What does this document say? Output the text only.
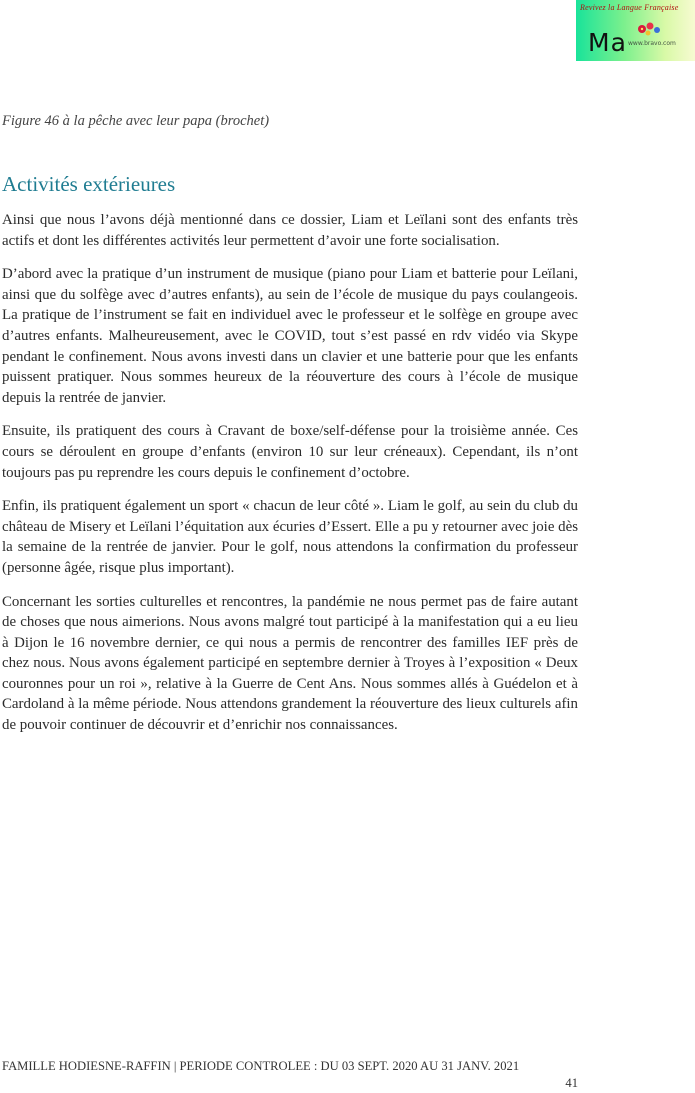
Revivez la Langue Française
Ma www.bravo.com

Figure 46 à la pêche avec leur papa (brochet)

Activités extérieures

Ainsi que nous l’avons déjà mentionné dans ce dossier, Liam et Leïlani sont des enfants très actifs et dont les différentes activités leur permettent d’avoir une forte socialisation.

D’abord avec la pratique d’un instrument de musique (piano pour Liam et batterie pour Leïlani, ainsi que du solfège avec d’autres enfants), au sein de l’école de musique du pays coulangeois. La pratique de l’instrument se fait en individuel avec le professeur et le solfège en groupe avec d’autres enfants. Malheureusement, avec le COVID, tout s’est passé en rdv vidéo via Skype pendant le confinement. Nous avons investi dans un clavier et une batterie pour que les enfants puissent pratiquer. Nous sommes heureux de la réouverture des cours à l’école de musique depuis la rentrée de janvier.

Ensuite, ils pratiquent des cours à Cravant de boxe/self-défense pour la troisième année. Ces cours se déroulent en groupe d’enfants (environ 10 sur leur créneaux). Cependant, ils n’ont toujours pas pu reprendre les cours depuis le confinement d’octobre.

Enfin, ils pratiquent également un sport « chacun de leur côté ». Liam le golf, au sein du club du château de Misery et Leïlani l’équitation aux écuries d’Essert. Elle a pu y retourner avec joie dès la semaine de la rentrée de janvier. Pour le golf, nous attendons la confirmation du professeur (personne âgée, risque plus important).

Concernant les sorties culturelles et rencontres, la pandémie ne nous permet pas de faire autant de choses que nous aimerions. Nous avons malgré tout participé à la manifestation qui a eu lieu à Dijon le 16 novembre dernier, ce qui nous a permis de rencontrer des familles IEF près de chez nous. Nous avons également participé en septembre dernier à Troyes à l’exposition « Deux couronnes pour un roi », relative à la Guerre de Cent Ans. Nous sommes allés à Guédelon et à Cardoland à la même période. Nous attendons grandement la réouverture des lieux culturels afin de pouvoir continuer de découvrir et d’enrichir nos connaissances.

FAMILLE HODIESNE-RAFFIN | PERIODE CONTROLEE : DU 03 SEPT. 2020 AU 31 JANV. 2021

41
